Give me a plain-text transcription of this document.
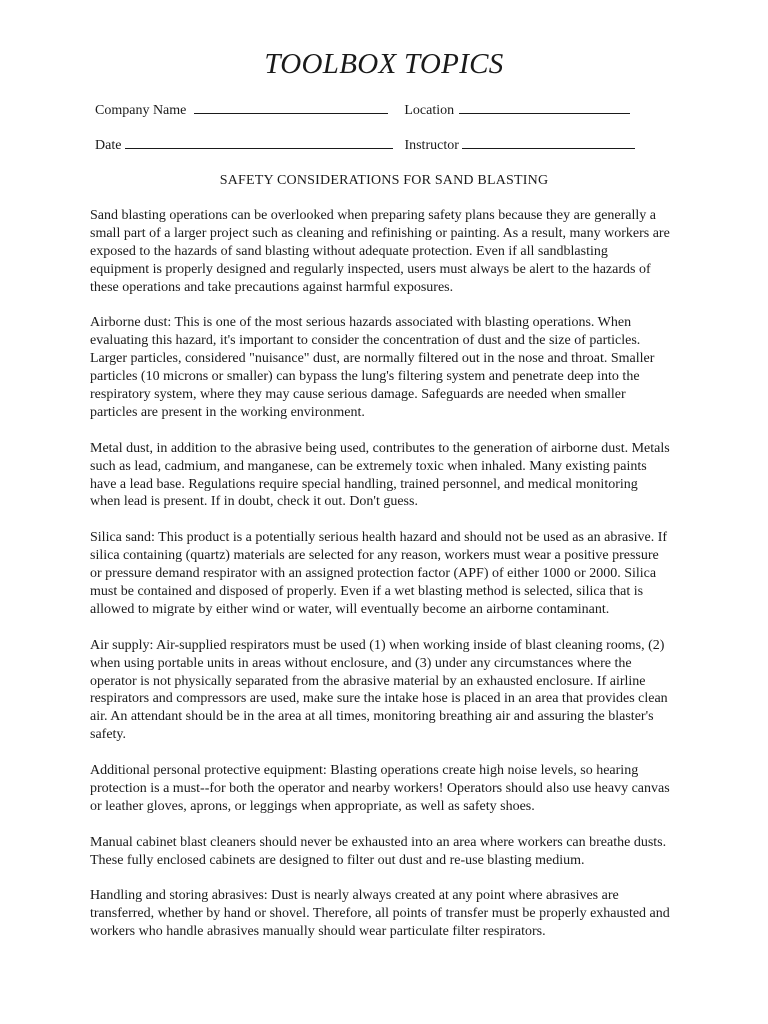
TOOLBOX TOPICS
Company Name	Location
Date	Instructor
SAFETY CONSIDERATIONS FOR SAND BLASTING

Sand blasting operations can be overlooked when preparing safety plans because they are generally a small part of a larger project such as cleaning and refinishing or painting. As a result, many workers are exposed to the hazards of sand blasting without adequate protection. Even if all sandblasting equipment is properly designed and regularly inspected, users must always be alert to the hazards of these operations and take precautions against harmful exposures.

Airborne dust: This is one of the most serious hazards associated with blasting operations. When evaluating this hazard, it's important to consider the concentration of dust and the size of particles. Larger particles, considered "nuisance" dust, are normally filtered out in the nose and throat. Smaller particles (10 microns or smaller) can bypass the lung's filtering system and penetrate deep into the respiratory system, where they may cause serious damage. Safeguards are needed when smaller particles are present in the working environment.

Metal dust, in addition to the abrasive being used, contributes to the generation of airborne dust. Metals such as lead, cadmium, and manganese, can be extremely toxic when inhaled. Many existing paints have a lead base. Regulations require special handling, trained personnel, and medical monitoring when lead is present. If in doubt, check it out. Don't guess.

Silica sand: This product is a potentially serious health hazard and should not be used as an abrasive. If silica containing (quartz) materials are selected for any reason, workers must wear a positive pressure or pressure demand respirator with an assigned protection factor (APF) of either 1000 or 2000. Silica must be contained and disposed of properly. Even if a wet blasting method is selected, silica that is allowed to migrate by either wind or water, will eventually become an airborne contaminant.

Air supply: Air-supplied respirators must be used (1) when working inside of blast cleaning rooms, (2) when using portable units in areas without enclosure, and (3) under any circumstances where the operator is not physically separated from the abrasive material by an exhausted enclosure. If airline respirators and compressors are used, make sure the intake hose is placed in an area that provides clean air. An attendant should be in the area at all times, monitoring breathing air and assuring the blaster's safety.

Additional personal protective equipment: Blasting operations create high noise levels, so hearing protection is a must--for both the operator and nearby workers! Operators should also use heavy canvas or leather gloves, aprons, or leggings when appropriate, as well as safety shoes.

Manual cabinet blast cleaners should never be exhausted into an area where workers can breathe dusts. These fully enclosed cabinets are designed to filter out dust and re-use blasting medium.

Handling and storing abrasives: Dust is nearly always created at any point where abrasives are transferred, whether by hand or shovel. Therefore, all points of transfer must be properly exhausted and workers who handle abrasives manually should wear particulate filter respirators.
